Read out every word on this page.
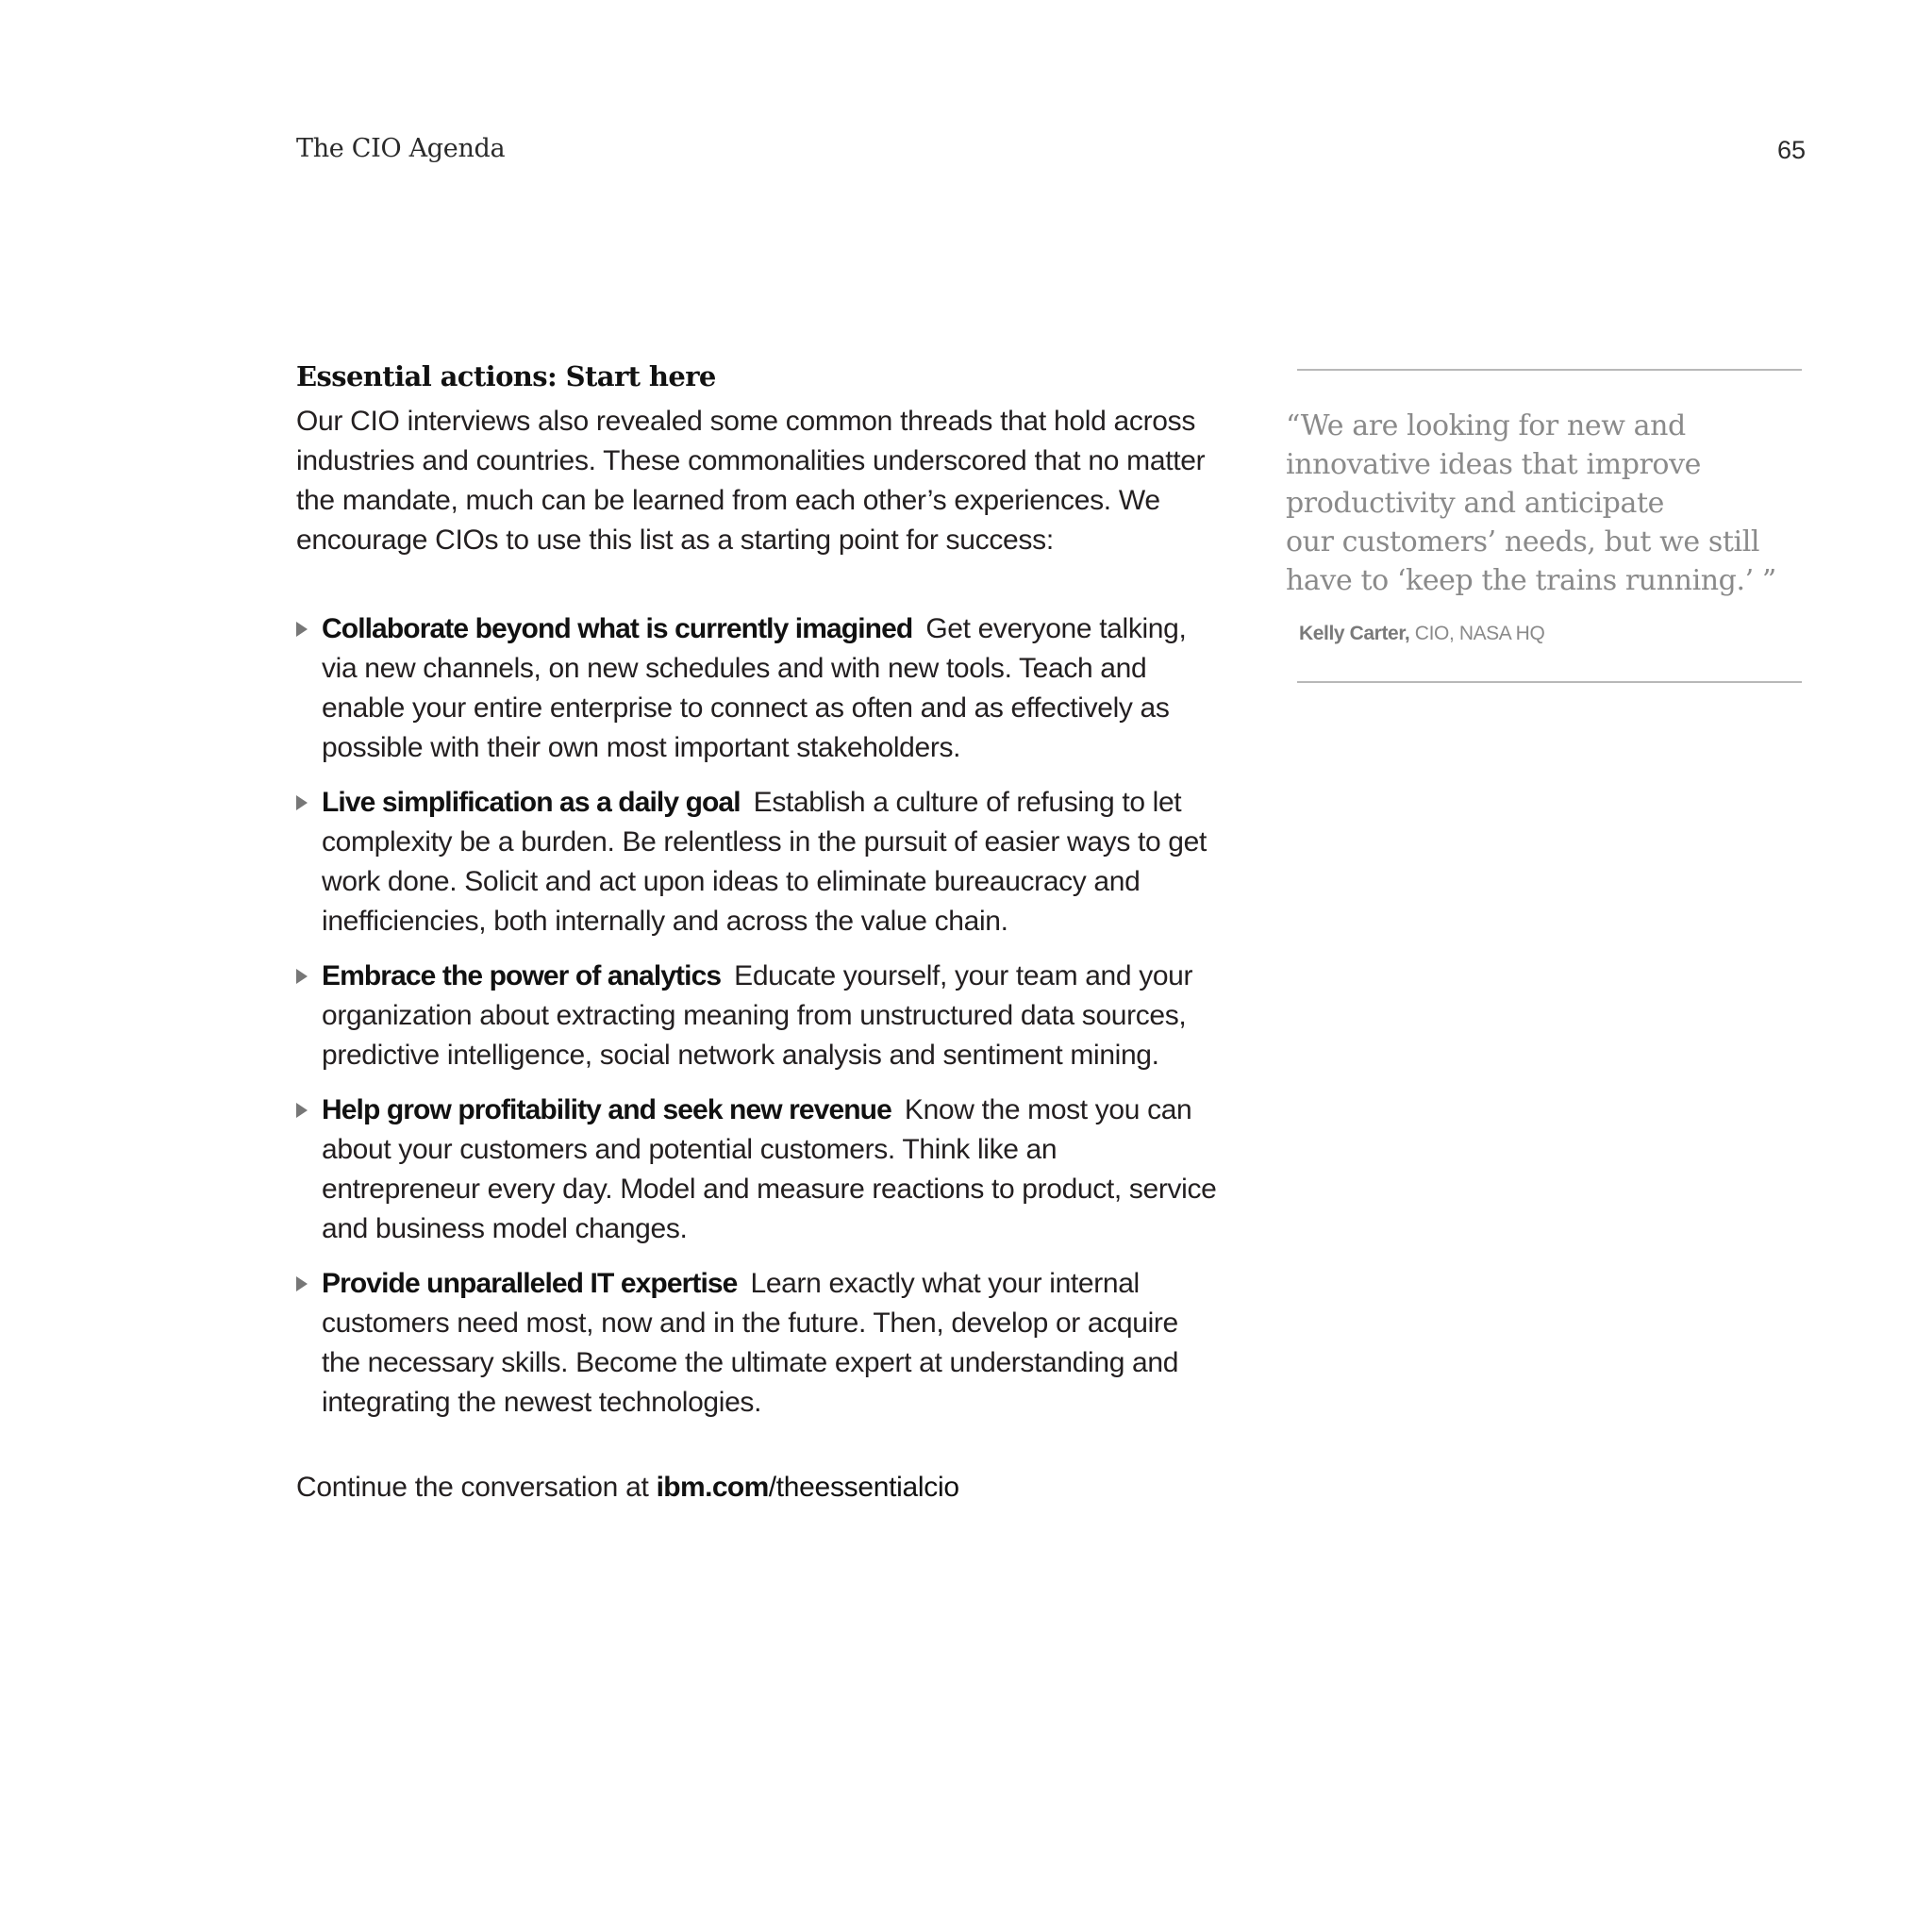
The CIO Agenda	65
Essential actions: Start here

Our CIO interviews also revealed some common threads that hold across industries and countries. These commonalities underscored that no matter the mandate, much can be learned from each other’s experiences. We encourage CIOs to use this list as a starting point for success:

Collaborate beyond what is currently imagined Get everyone talking, via new channels, on new schedules and with new tools. Teach and enable your entire enterprise to connect as often and as effectively as possible with their own most important stakeholders.
Live simplification as a daily goal Establish a culture of refusing to let complexity be a burden. Be relentless in the pursuit of easier ways to get work done. Solicit and act upon ideas to eliminate bureaucracy and inefficiencies, both internally and across the value chain.
Embrace the power of analytics Educate yourself, your team and your organization about extracting meaning from unstructured data sources, predictive intelligence, social network analysis and sentiment mining.
Help grow profitability and seek new revenue Know the most you can about your customers and potential customers. Think like an entrepreneur every day. Model and measure reactions to product, service and business model changes.
Provide unparalleled IT expertise Learn exactly what your internal customers need most, now and in the future. Then, develop or acquire the necessary skills. Become the ultimate expert at understanding and integrating the newest technologies.

Continue the conversation at ibm.com/theessentialcio

“We are looking for new and
innovative ideas that improve
productivity and anticipate
our customers’ needs, but we still
have to ‘keep the trains running.’ ”

Kelly Carter, CIO, NASA HQ
